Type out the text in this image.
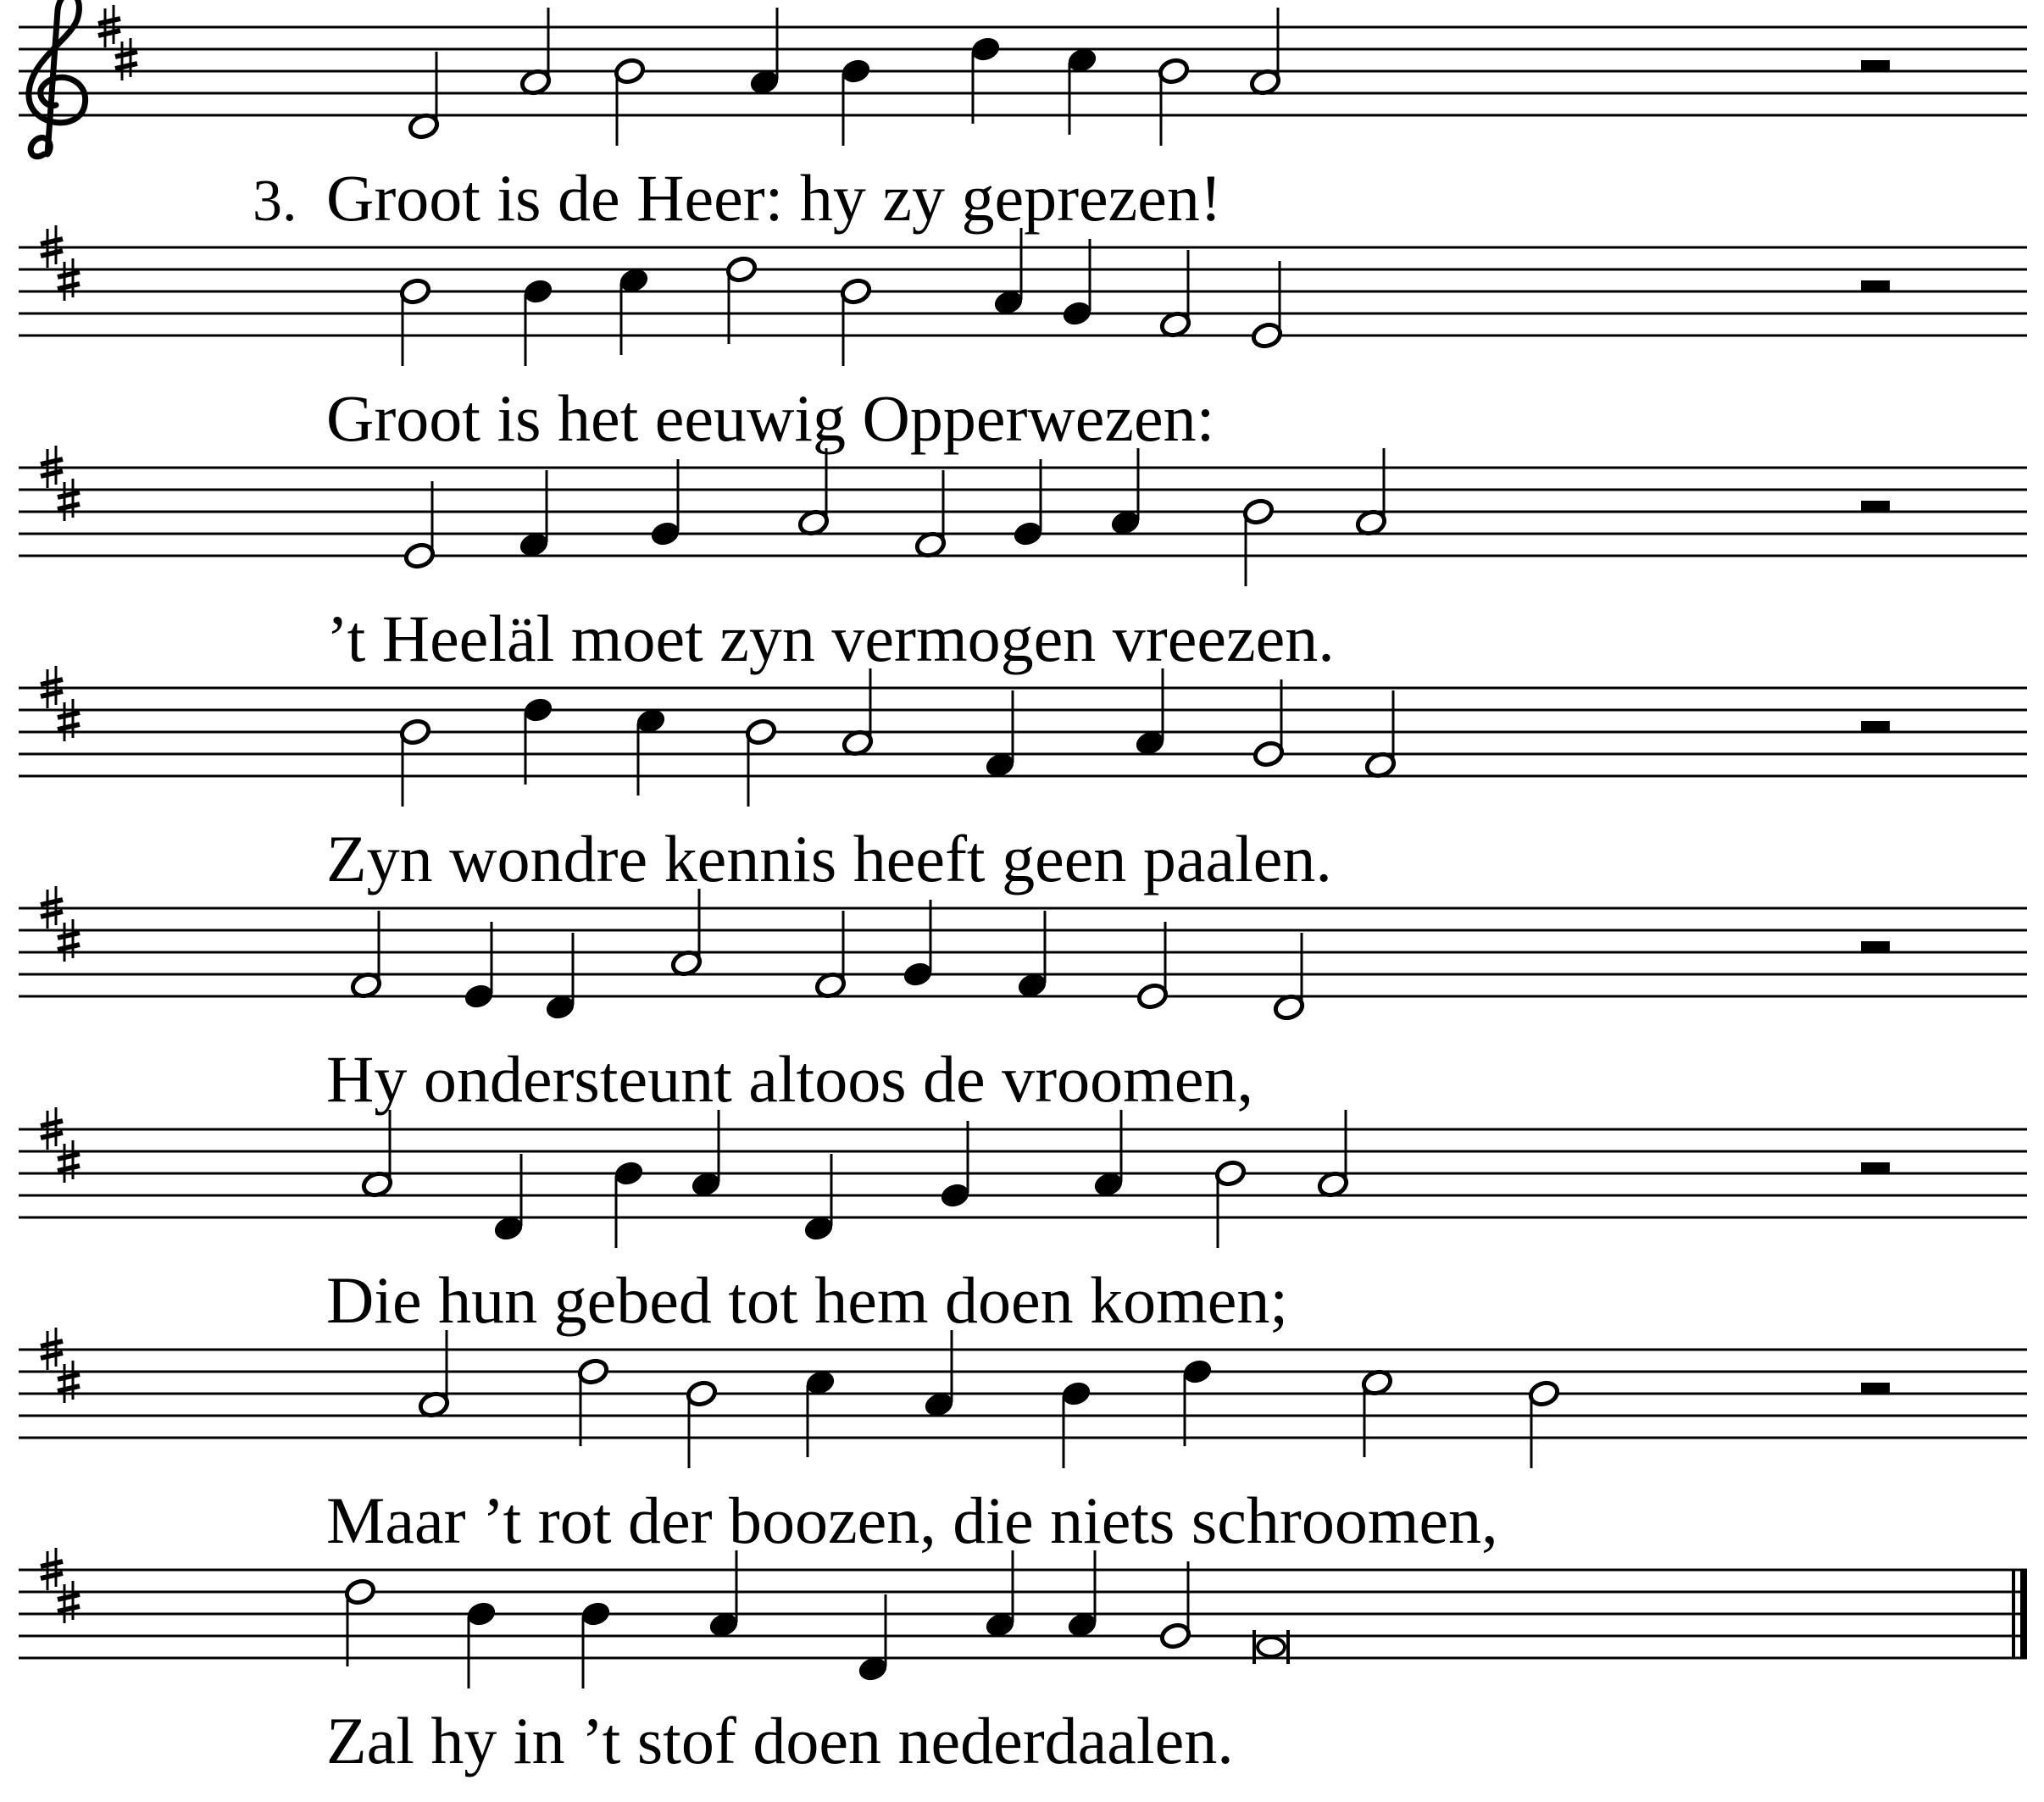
3. Groot is de Heer: hy zy geprezen!
Groot is het eeuwig Opperwezen:
’t Heeläl moet zyn vermogen vreezen.
Zyn wondre kennis heeft geen paalen.
Hy ondersteunt altoos de vroomen,
Die hun gebed tot hem doen komen;
Maar ’t rot der boozen, die niets schroomen,
Zal hy in ’t stof doen nederdaalen.
